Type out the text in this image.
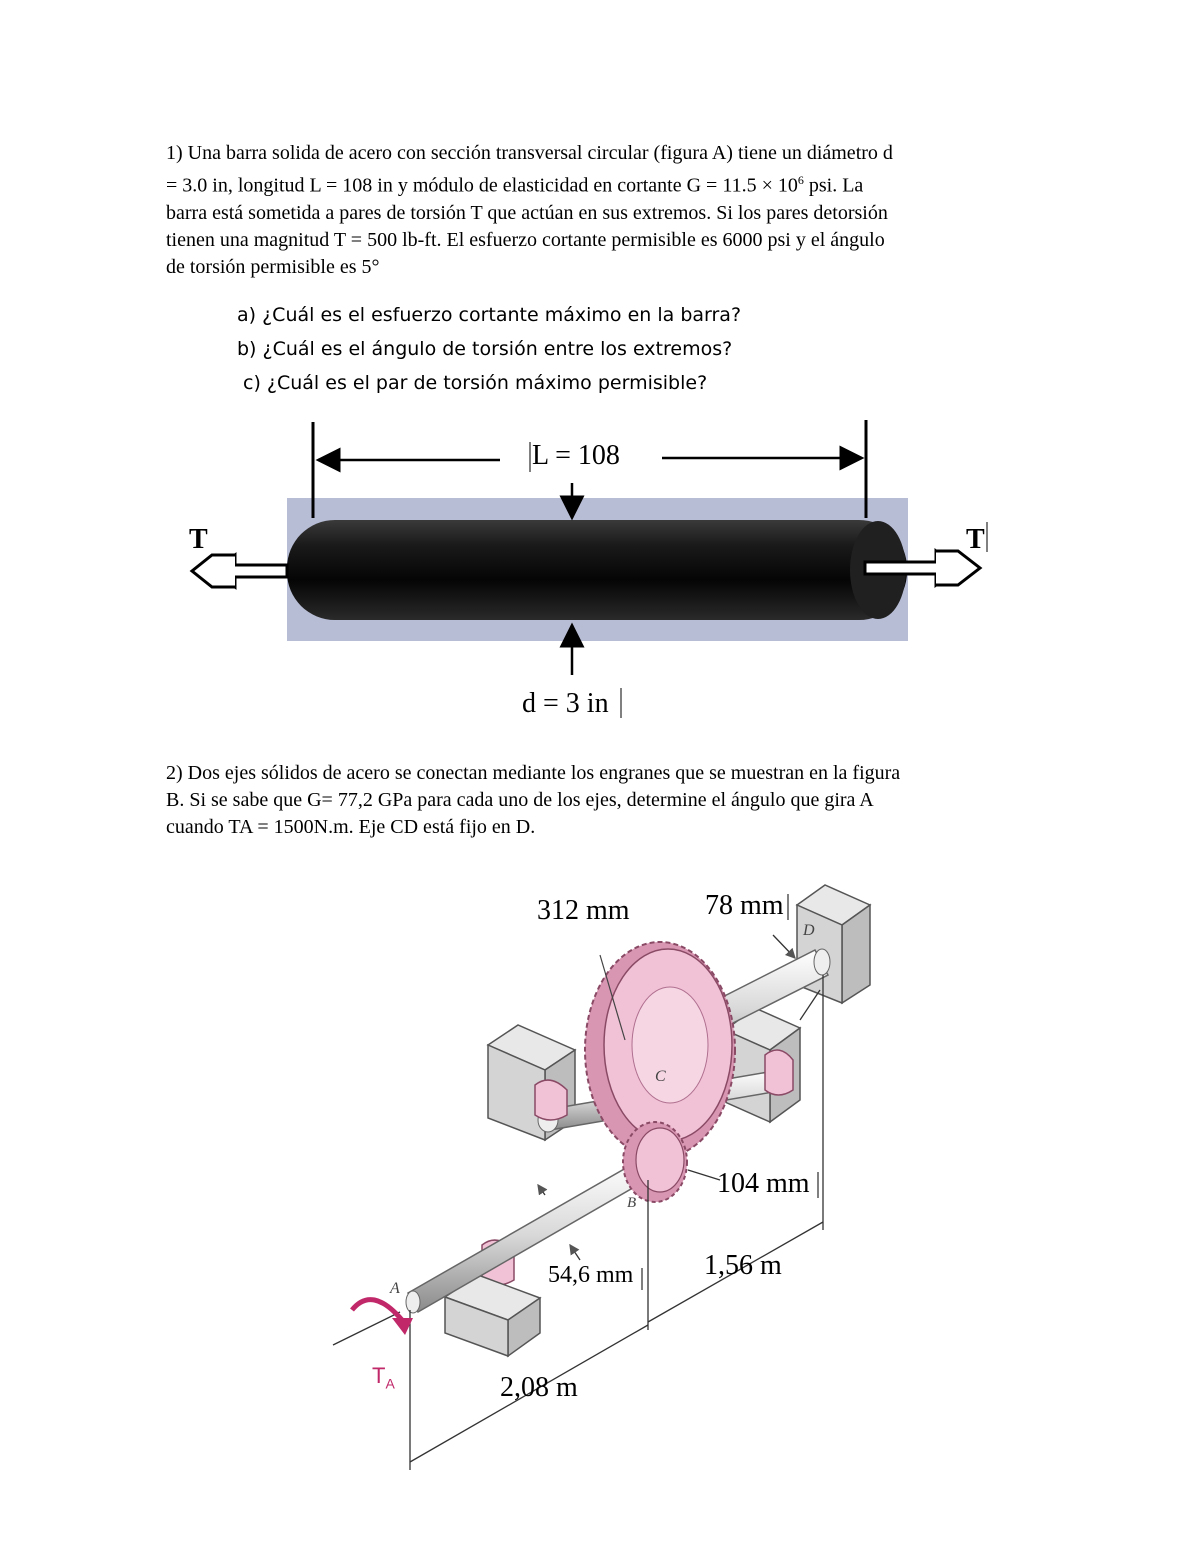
1) Una barra solida de acero con sección transversal circular (figura A) tiene un diámetro d
= 3.0 in, longitud L = 108 in y módulo de elasticidad en cortante $G = 11.5 \times 10^6$ psi. La
barra está sometida a pares de torsión T que actúan en sus extremos. Si los pares detorsión
tienen una magnitud T = 500 lb-ft. El esfuerzo cortante permisible es 6000 psi y el ángulo
de torsión permisible es 5°
a) ¿Cuál es el esfuerzo cortante máximo en la barra?
b) ¿Cuál es el ángulo de torsión entre los extremos?
c) ¿Cuál es el par de torsión máximo permisible?
L = 108
d = 3 in
T	T
2) Dos ejes sólidos de acero se conectan mediante los engranes que se muestran en la figura
B. Si se sabe que G= 77,2 GPa para cada uno de los ejes, determine el ángulo que gira A
cuando TA = 1500N.m. Eje CD está fijo en D.
312 mm	78 mm
104 mm
54,6 mm	1,56 m
2,08 m
A
B
C
D
$T_A$
